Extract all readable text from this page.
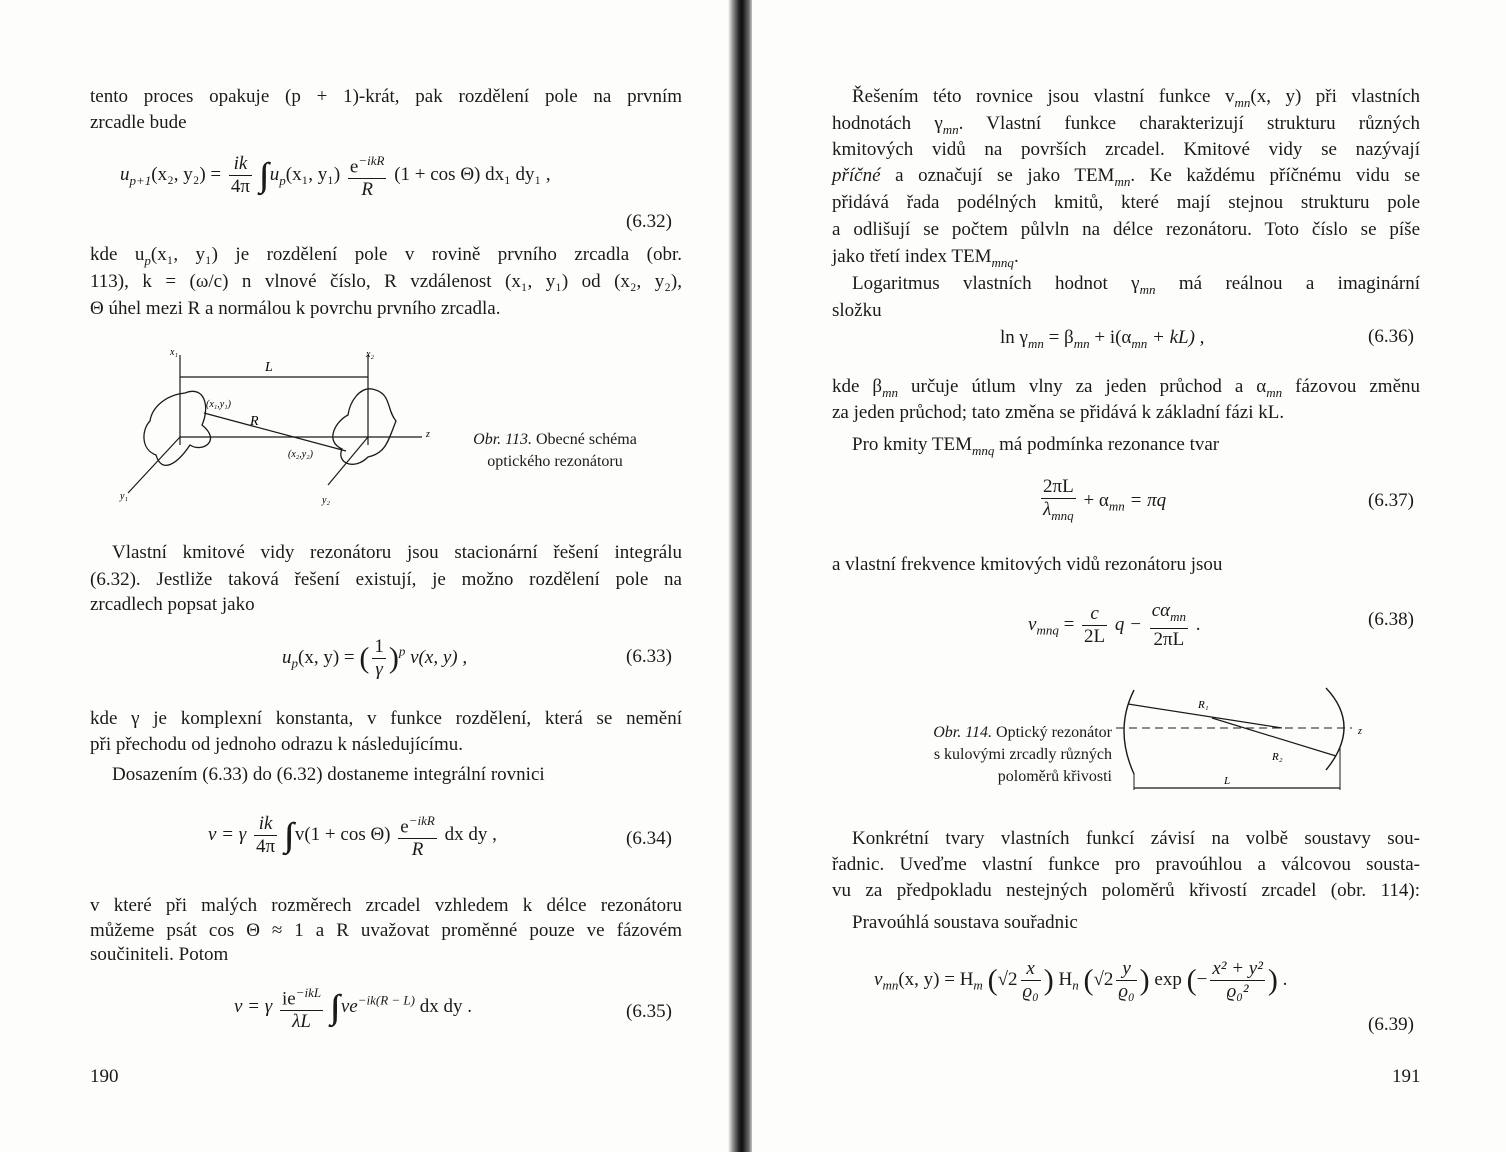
tento proces opakuje (p + 1)-krát, pak rozdělení pole na prvním
zrcadle bude
$u_{p+1}(x_2$, $y_2) = \frac{ik}{4\pi} u_p(x_1$, $y_1) \frac{e^{-ikR}}{R} (1 + \cos \Theta)$ dx₁ dy₁ ,
(6.32)
kde $u_p(x_1$, y₁) je rozdělení pole v rovině prvního zrcadla (obr.
113), k = (ω/c) n vlnové číslo, R vzdálenost (x₁, y₁) od (x₂, y₂),
Θ úhel mezi R a normálou k povrchu prvního zrcadla.
x₁	x₂
L
(x₁,y₁)
R
(x₂,y₂)
z
y₁	y₂
Obr. 113. Obecné schéma
optického rezonátoru
Vlastní kmitové vidy rezonátoru jsou stacionární řešení integrálu
(6.32). Jestliže taková řešení existují, je možno rozdělení pole na
zrcadlech popsat jako
$u_p(x$, y) = ( $\frac{1}{\gamma} )^p$ v(x, y) ,	(6.33)
kde γ je komplexní konstanta, v funkce rozdělení, která se nemění
při přechodu od jednoho odrazu k následujícímu.
Dosazením (6.33) do (6.32) dostaneme integrální rovnici
v = γ $\frac{ik}{4\pi} v(1 + \cos \Theta) \frac{e^{-ikR}}{R}$ dx dy ,	(6.34)
v které při malých rozměrech zrcadel vzhledem k délce rezonátoru
můžeme psát cos Θ ≈ 1 a R uvažovat proměnné pouze ve fázovém
součiniteli. Potom
v = γ $\frac{ie^{-ikL}}{\lambda L} ve^{-ik(R - L)}$ dx dy .	(6.35)
190
Řešením této rovnice jsou vlastní funkce $v_{mn}(x$, y) při vlastních
hodnotách $\gamma_{mn}$. Vlastní funkce charakterizují strukturu různých
kmitových vidů na površích zrcadel. Kmitové vidy se nazývají
příčné a označují se jako $TEM_{mn}$. Ke každému příčnému vidu se
přidává řada podélných kmitů, které mají stejnou strukturu pole
a odlišují se počtem půlvln na délce rezonátoru. Toto číslo se píše
jako třetí index $TEM_{mnq}$.
Logaritmus vlastních hodnot $\gamma_{mn}$ má reálnou a imaginární
složku
$\ln \gamma_{mn} = \beta_{mn} + i(\alpha_{mn} + kL)$ ,	(6.36)
kde $\beta_{mn}$ určuje útlum vlny za jeden průchod a $\alpha_{mn}$ fázovou změnu
za jeden průchod; tato změna se přidává k základní fázi kL.
Pro kmity $TEM_{mnq}$ má podmínka rezonance tvar
$\frac{2\pi L}{\lambda_{mnq}} + \alpha_{mn} = \pi q$	(6.37)
a vlastní frekvence kmitových vidů rezonátoru jsou
$\nu_{mnq} = \frac{c}{2L}$ $q - \frac{c\alpha_{mn}}{2\pi L}$ .	(6.38)
Obr. 114. Optický rezonátor
s kulovými zrcadly různých
poloměrů křivosti
R₁
R₂
L
z
Konkrétní tvary vlastních funkcí závisí na volbě soustavy sou-
řadnic. Uveďme vlastní funkce pro pravoúhlou a válcovou sousta-
vu za předpokladu nestejných poloměrů křivostí zrcadel (obr. 114):
Pravoúhlá soustava souřadnic
$v_{mn}(x$, $y) = H_m$ ($√2 \frac{x}{\text{ϱ₀}}$ ) $H_n$ ($√2 \frac{y}{\text{ϱ₀}}$ ) exp (− $\frac{\text{x² + y²}}{\text{ϱ₀²}}$ ) .
(6.39)
191
